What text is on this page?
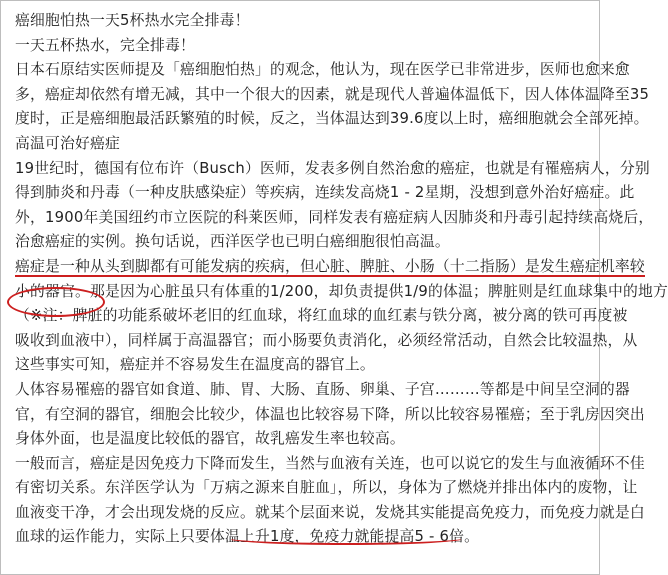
癌细胞怕热一天5杯热水完全排毒！

一天五杯热水，完全排毒！

日本石原结实医师提及「癌细胞怕热」的观念，他认为，现在医学已非常进步，医师也愈来愈
多，癌症却依然有增无减，其中一个很大的因素，就是现代人普遍体温低下，因人体体温降至35
度时，正是癌细胞最活跃繁殖的时候，反之，当体温达到39.6度以上时，癌细胞就会全部死掉。

高温可治好癌症

19世纪时，德国有位布许（Busch）医师，发表多例自然治愈的癌症，也就是有罹癌病人，分别
得到肺炎和丹毒（一种皮肤感染症）等疾病，连续发高烧1 - 2星期，没想到意外治好癌症。此
外，1900年美国纽约市立医院的科莱医师，同样发表有癌症病人因肺炎和丹毒引起持续高烧后，
治愈癌症的实例。换句话说，西洋医学也已明白癌细胞很怕高温。

癌症是一种从头到脚都有可能发病的疾病，但心脏、脾脏、小肠（十二指肠）是发生癌症机率较
小的器官。那是因为心脏虽只有体重的1/200，却负责提供1/9的体温；脾脏则是红血球集中的地方
（※注：脾脏的功能系破坏老旧的红血球，将红血球的血红素与铁分离，被分离的铁可再度被
吸收到血液中），同样属于高温器官；而小肠要负责消化，必须经常活动，自然会比较温热，从
这些事实可知，癌症并不容易发生在温度高的器官上。

人体容易罹癌的器官如食道、肺、胃、大肠、直肠、卵巢、子宫………等都是中间呈空洞的器
官，有空洞的器官，细胞会比较少，体温也比较容易下降，所以比较容易罹癌；至于乳房因突出
身体外面，也是温度比较低的器官，故乳癌发生率也较高。

一般而言，癌症是因免疫力下降而发生，当然与血液有关连，也可以说它的发生与血液循环不佳
有密切关系。东洋医学认为「万病之源来自脏血」，所以，身体为了燃烧并排出体内的废物，让
血液变干净，才会出现发烧的反应。就某个层面来说，发烧其实能提高免疫力，而免疫力就是白
血球的运作能力，实际上只要体温上升1度，免疫力就能提高5 - 6倍。
